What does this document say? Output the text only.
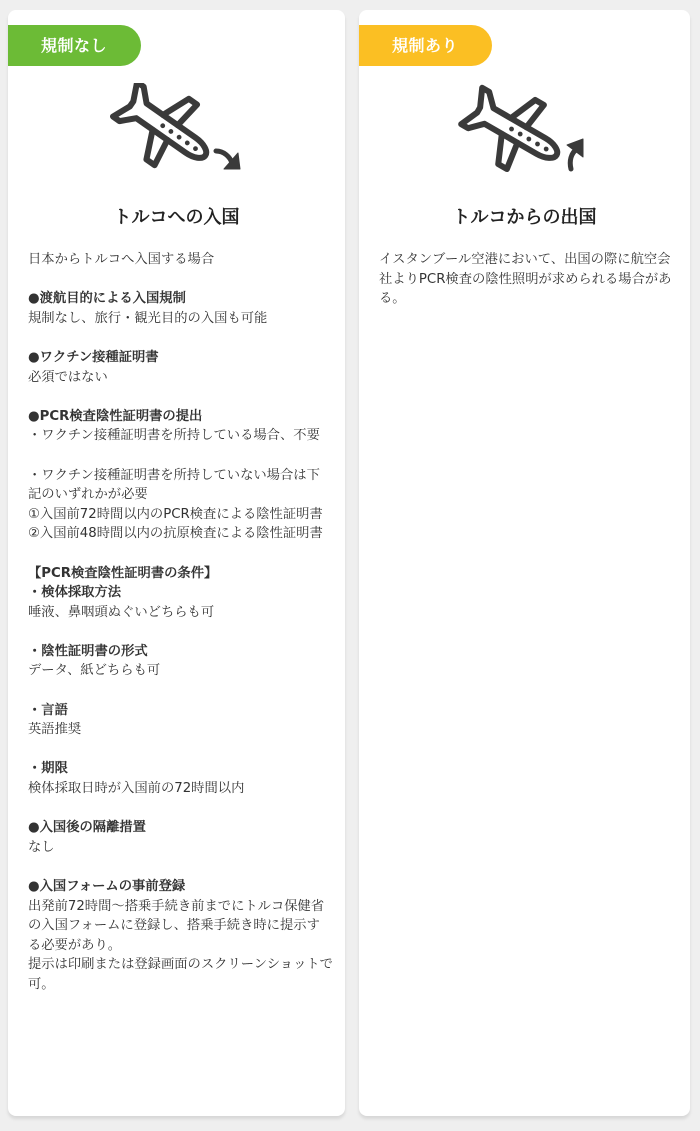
規制なし
トルコへの入国
日本からトルコへ入国する場合
●渡航目的による入国規制
規制なし、旅行・観光目的の入国も可能
●ワクチン接種証明書
必須ではない
●PCR検査陰性証明書の提出
・ワクチン接種証明書を所持している場合、不要
・ワクチン接種証明書を所持していない場合は下記のいずれかが必要
①入国前72時間以内のPCR検査による陰性証明書
②入国前48時間以内の抗原検査による陰性証明書
【PCR検査陰性証明書の条件】
・検体採取方法
唾液、鼻咽頭ぬぐいどちらも可
・陰性証明書の形式
データ、紙どちらも可
・言語
英語推奨
・期限
検体採取日時が入国前の72時間以内
●入国後の隔離措置
なし
●入国フォームの事前登録
出発前72時間〜搭乗手続き前までにトルコ保健省の入国フォームに登録し、搭乗手続き時に提示する必要があり。
提示は印刷または登録画面のスクリーンショットで可。
規制あり
トルコからの出国
イスタンブール空港において、出国の際に航空会社よりPCR検査の陰性照明が求められる場合がある。
